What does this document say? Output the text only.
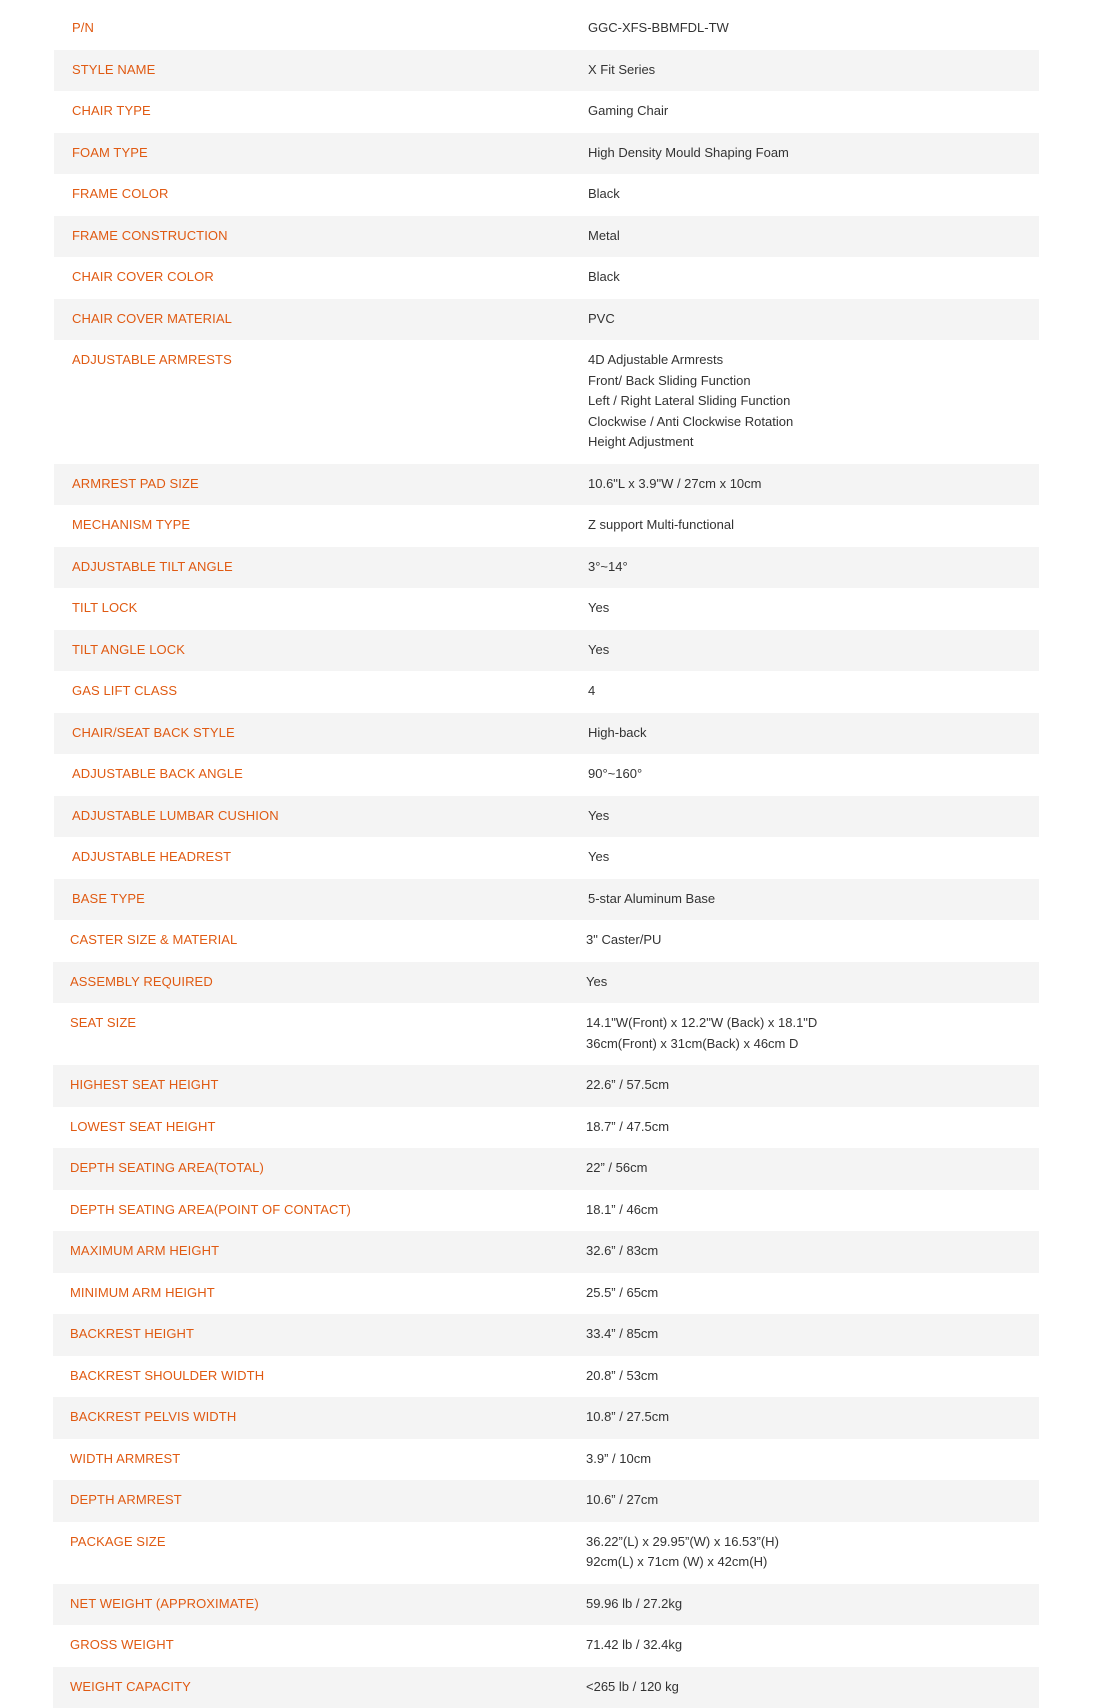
P/N	GGC-XFS-BBMFDL-TW
STYLE NAME	X Fit Series
CHAIR TYPE	Gaming Chair
FOAM TYPE	High Density Mould Shaping Foam
FRAME COLOR	Black
FRAME CONSTRUCTION	Metal
CHAIR COVER COLOR	Black
CHAIR COVER MATERIAL	PVC
ADJUSTABLE ARMRESTS	4D Adjustable Armrests
Front/ Back Sliding Function
Left / Right Lateral Sliding Function
Clockwise / Anti Clockwise Rotation
Height Adjustment
ARMREST PAD SIZE	10.6"L x 3.9"W / 27cm x 10cm
MECHANISM TYPE	Z support Multi-functional
ADJUSTABLE TILT ANGLE	3°~14°
TILT LOCK	Yes
TILT ANGLE LOCK	Yes
GAS LIFT CLASS	4
CHAIR/SEAT BACK STYLE	High-back
ADJUSTABLE BACK ANGLE	90°~160°
ADJUSTABLE LUMBAR CUSHION	Yes
ADJUSTABLE HEADREST	Yes
BASE TYPE	5-star Aluminum Base
CASTER SIZE & MATERIAL	3" Caster/PU
ASSEMBLY REQUIRED	Yes
SEAT SIZE	14.1"W(Front) x 12.2"W (Back) x 18.1"D
36cm(Front) x 31cm(Back) x 46cm D
HIGHEST SEAT HEIGHT	22.6” / 57.5cm
LOWEST SEAT HEIGHT	18.7” / 47.5cm
DEPTH SEATING AREA(TOTAL)	22” / 56cm
DEPTH SEATING AREA(POINT OF CONTACT)	18.1” / 46cm
MAXIMUM ARM HEIGHT	32.6” / 83cm
MINIMUM ARM HEIGHT	25.5” / 65cm
BACKREST HEIGHT	33.4” / 85cm
BACKREST SHOULDER WIDTH	20.8” / 53cm
BACKREST PELVIS WIDTH	10.8” / 27.5cm
WIDTH ARMREST	3.9” / 10cm
DEPTH ARMREST	10.6” / 27cm
PACKAGE SIZE	36.22”(L) x 29.95”(W) x 16.53”(H)
92cm(L) x 71cm (W) x 42cm(H)
NET WEIGHT (APPROXIMATE)	59.96 lb / 27.2kg
GROSS WEIGHT	71.42 lb / 32.4kg
WEIGHT CAPACITY	<265 lb / 120 kg
